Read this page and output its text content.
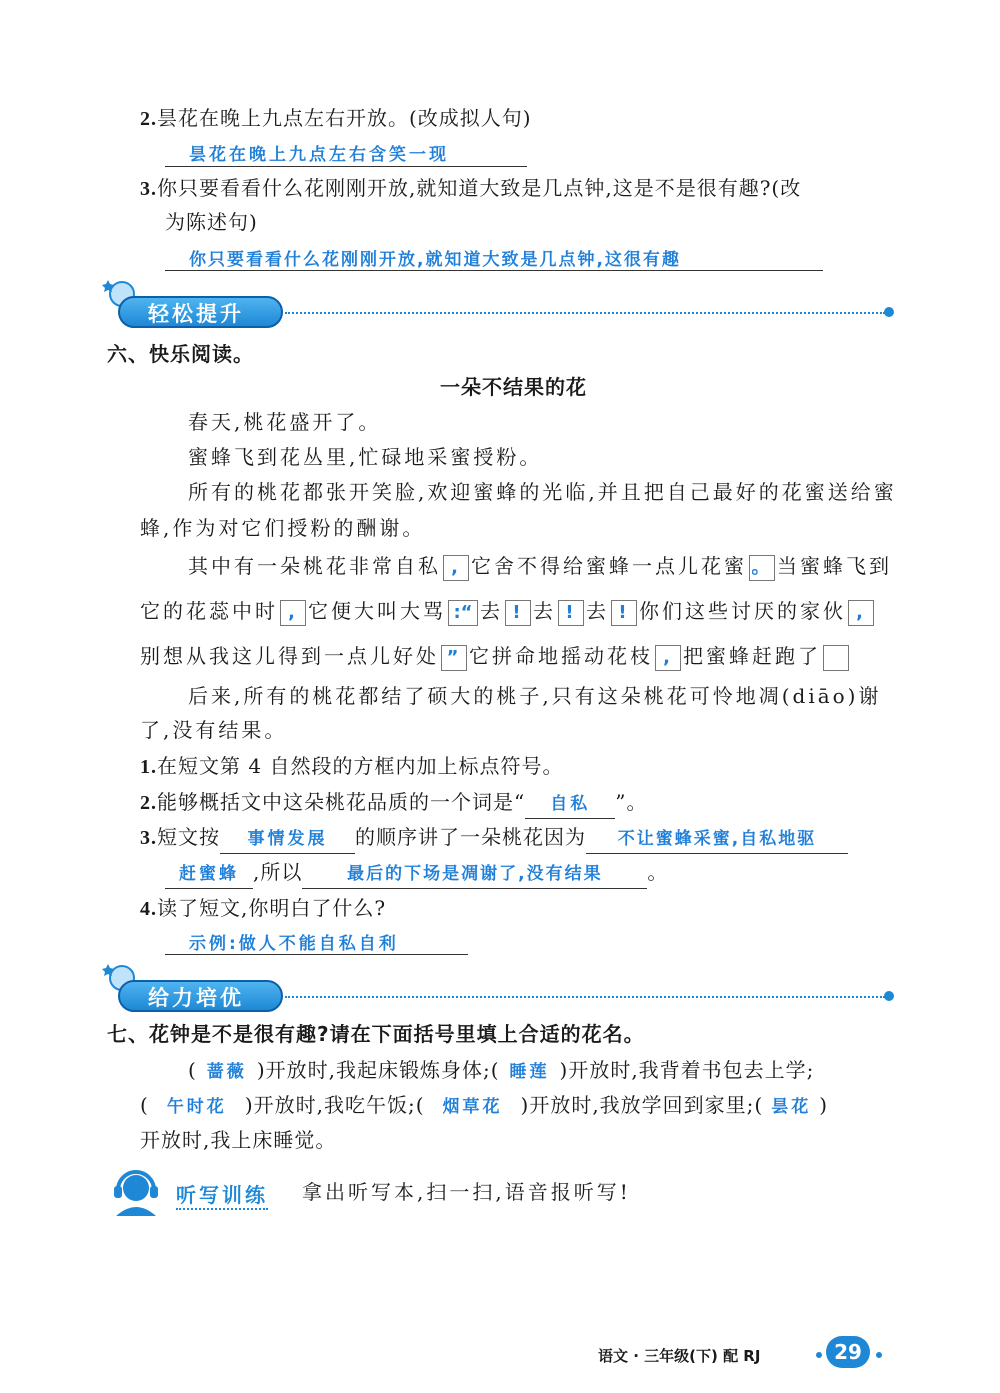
2.昙花在晚上九点左右开放。(改成拟人句)
昙花在晚上九点左右含笑一现
3.你只要看看什么花刚刚开放,就知道大致是几点钟,这是不是很有趣?(改
为陈述句)
你只要看看什么花刚刚开放,就知道大致是几点钟,这很有趣
轻松提升
六、快乐阅读。
一朵不结果的花
春天,桃花盛开了。
蜜蜂飞到花丛里,忙碌地采蜜授粉。
所有的桃花都张开笑脸,欢迎蜜蜂的光临,并且把自己最好的花蜜送给蜜
蜂,作为对它们授粉的酬谢。
其中有一朵桃花非常自私 , 它舍不得给蜜蜂一点儿花蜜 。 当蜜蜂飞到
它的花蕊中时 , 它便大叫大骂 :“ 去 ! 去 ! 去 ! 你们这些讨厌的家伙 ,
别想从我这儿得到一点儿好处 ” 它拼命地摇动花枝 , 把蜜蜂赶跑了
后来,所有的桃花都结了硕大的桃子,只有这朵桃花可怜地凋(diāo)谢
了,没有结果。
1.在短文第 4 自然段的方框内加上标点符号。
2.能够概括文中这朵桃花品质的一个词是“ 自私 ”。
3.短文按 事情发展 的顺序讲了一朵桃花因为 不让蜜蜂采蜜,自私地驱
赶蜜蜂 ,所以	最后的下场是凋谢了,没有结果 。
4.读了短文,你明白了什么?
示例:做人不能自私自利
给力培优
七、花钟是不是很有趣?请在下面括号里填上合适的花名。
( 蔷薇 )开放时,我起床锻炼身体;( 睡莲 )开放时,我背着书包去上学;
( 午时花 )开放时,我吃午饭;( 烟草花 )开放时,我放学回到家里;( 昙花 )
开放时,我上床睡觉。
听写训练 拿出听写本,扫一扫,语音报听写!
语文 · 三年级(下) 配 RJ	29
